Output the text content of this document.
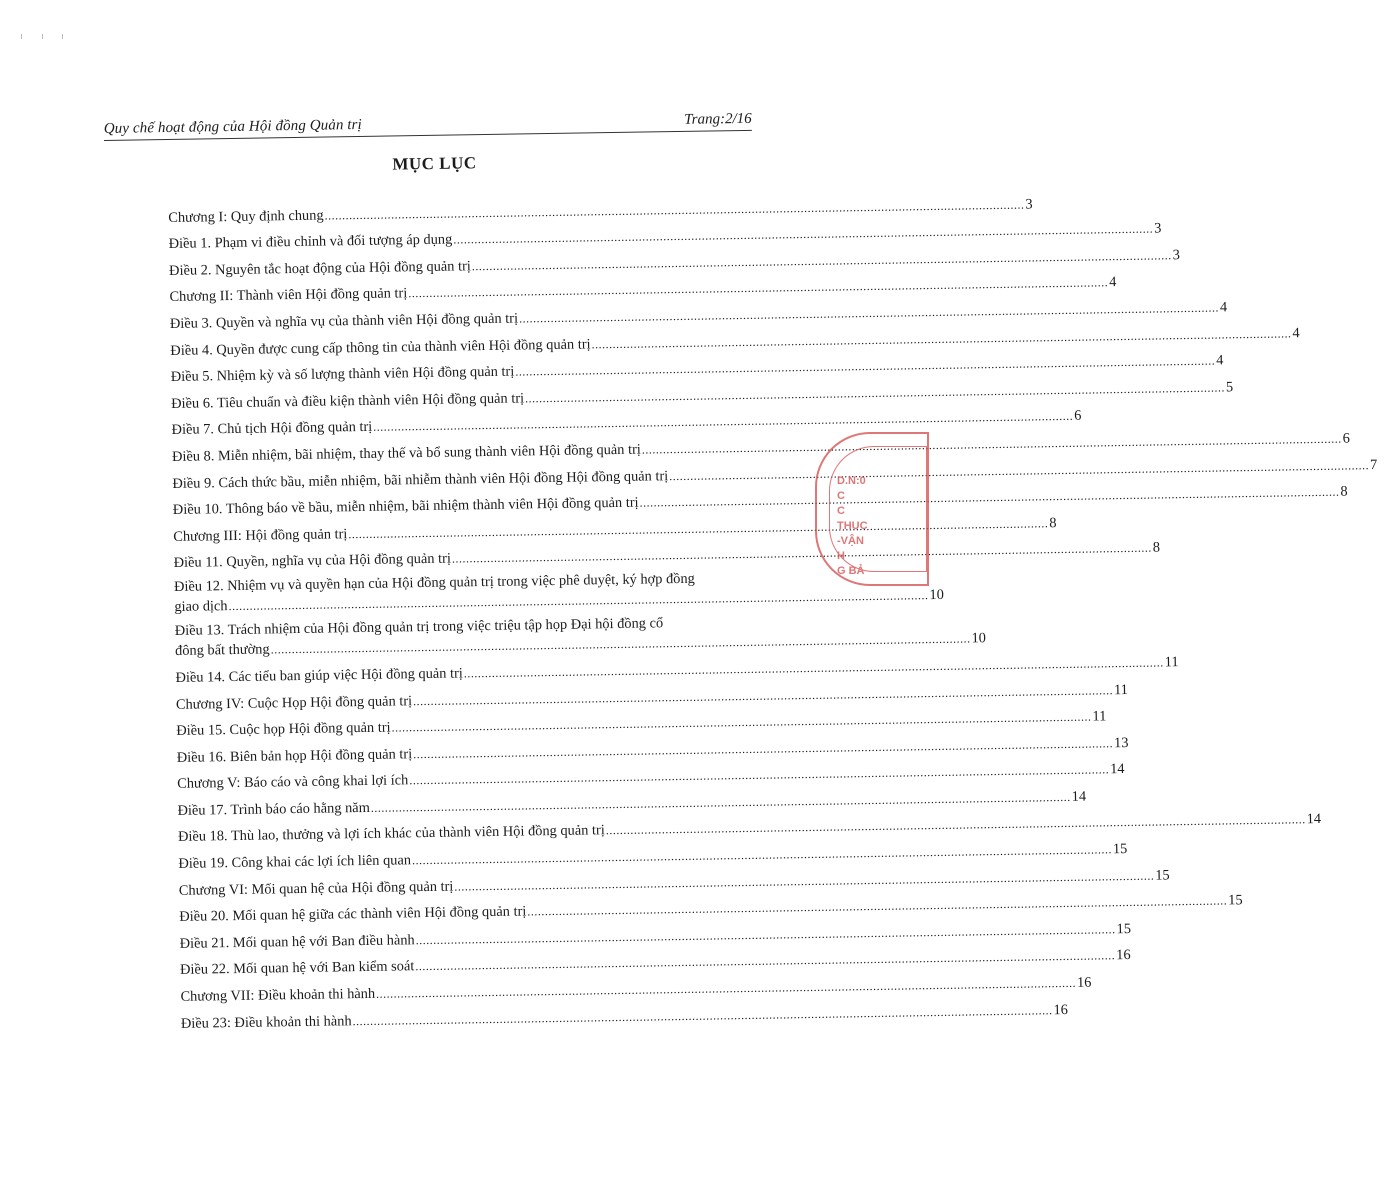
Quy chế hoạt động của Hội đồng Quản trị	Trang:2/16
MỤC LỤC
Chương I: Quy định chung
.....
3
Điều 1. Phạm vi điều chỉnh và đối tượng áp dụng
.....
3
Điều 2. Nguyên tắc hoạt động của Hội đồng quản trị
.....
3
Chương II: Thành viên Hội đồng quản trị
.....
4
Điều 3. Quyền và nghĩa vụ của thành viên Hội đồng quản trị
.....
4
Điều 4. Quyền được cung cấp thông tin của thành viên Hội đồng quản trị
.....
4
Điều 5. Nhiệm kỳ và số lượng thành viên Hội đồng quản trị
.....
4
Điều 6. Tiêu chuẩn và điều kiện thành viên Hội đồng quản trị
.....
5
Điều 7. Chủ tịch Hội đồng quản trị
.....
6
Điều 8. Miễn nhiệm, bãi nhiệm, thay thế và bổ sung thành viên Hội đồng quản trị
.....
6
Điều 9. Cách thức bầu, miễn nhiệm, bãi nhiễm thành viên Hội đồng Hội đồng quản trị
.....
7
Điều 10. Thông báo về bầu, miễn nhiệm, bãi nhiệm thành viên Hội đồng quản trị
.....
8
Chương III: Hội đồng quản trị
.....
8
Điều 11. Quyền, nghĩa vụ của Hội đồng quản trị
.....
8
Điều 12. Nhiệm vụ và quyền hạn của Hội đồng quản trị trong việc phê duyệt, ký hợp đồng
giao dịch
.....
10
Điều 13. Trách nhiệm của Hội đồng quản trị trong việc triệu tập họp Đại hội đồng cổ
đông bất thường
.....
10
Điều 14. Các tiểu ban giúp việc Hội đồng quản trị
.....
11
Chương IV: Cuộc Họp Hội đồng quản trị
.....
11
Điều 15. Cuộc họp Hội đồng quản trị
.....
11
Điều 16. Biên bản họp Hội đồng quản trị
.....
13
Chương V: Báo cáo và công khai lợi ích
.....
14
Điều 17. Trình báo cáo hằng năm
.....
14
Điều 18. Thù lao, thưởng và lợi ích khác của thành viên Hội đồng quản trị
.....
14
Điều 19. Công khai các lợi ích liên quan
.....
15
Chương VI: Mối quan hệ của Hội đồng quản trị
.....
15
Điều 20. Mối quan hệ giữa các thành viên Hội đồng quản trị
.....
15
Điều 21. Mối quan hệ với Ban điều hành
.....
15
Điều 22. Mối quan hệ với Ban kiểm soát
.....
16
Chương VII: Điều khoản thi hành
.....
16
Điều 23: Điều khoản thi hành
.....
16
D.N:0
C
C
THUC
-VẬN
H
G BẢ
